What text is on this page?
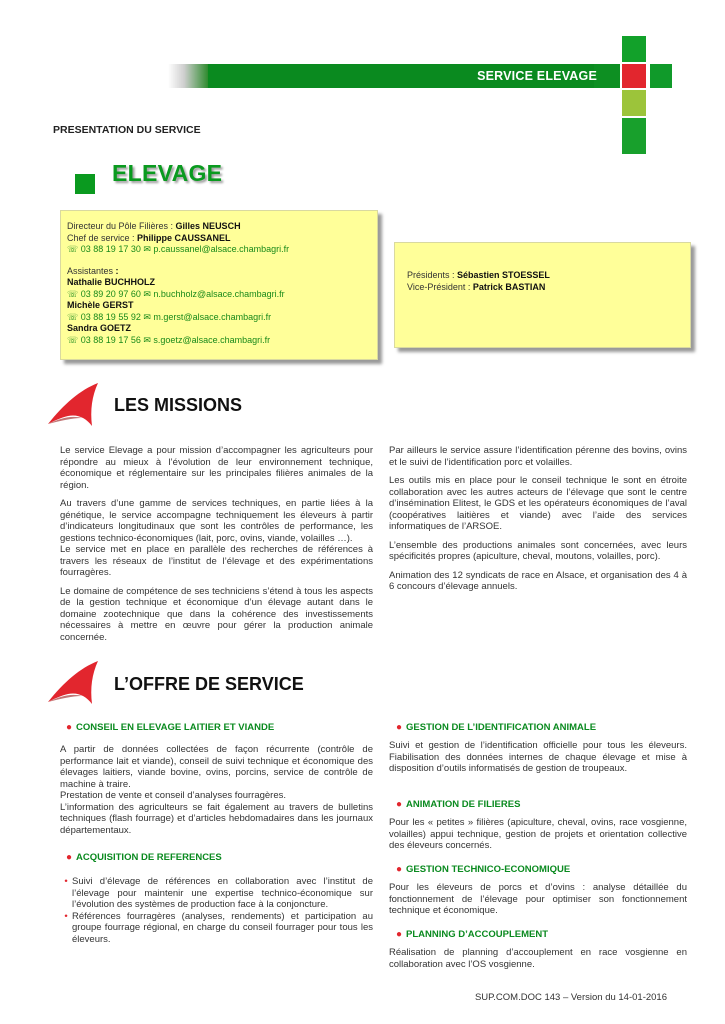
SERVICE ELEVAGE
PRESENTATION DU SERVICE
ELEVAGE
Directeur du Pôle Filières : Gilles NEUSCH
Chef de service : Philippe CAUSSANEL
☏ 03 88 19 17 30 ✉ p.caussanel@alsace.chambagri.fr
Assistantes :
Nathalie BUCHHOLZ
☏ 03 89 20 97 60 ✉ n.buchholz@alsace.chambagri.fr
Michèle GERST
☏ 03 88 19 55 92 ✉ m.gerst@alsace.chambagri.fr
Sandra GOETZ
☏ 03 88 19 17 56 ✉ s.goetz@alsace.chambagri.fr
Présidents : Sébastien STOESSEL
Vice-Président : Patrick BASTIAN
LES MISSIONS

Le service Elevage a pour mission d’accompagner les agriculteurs pour répondre au mieux à l’évolution de leur environnement technique, économique et réglementaire sur les principales filières animales de la région.

Au travers d’une gamme de services techniques, en partie liées à la génétique, le service accompagne techniquement les éleveurs à partir d’indicateurs longitudinaux que sont les contrôles de performance, les gestions technico-économiques (lait, porc, ovins, viande, volailles …).

Le service met en place en parallèle des recherches de références à travers les réseaux de l’institut de l’élevage et des expérimentations fourragères.

Le domaine de compétence de ses techniciens s’étend à tous les aspects de la gestion technique et économique d’un élevage autant dans le domaine zootechnique que dans la cohérence des investissements nécessaires à mettre en œuvre pour gérer la production animale concernée.

Par ailleurs le service assure l’identification pérenne des bovins, ovins et le suivi de l’identification porc et volailles.

Les outils mis en place pour le conseil technique le sont en étroite collaboration avec les autres acteurs de l’élevage que sont le centre d’insémination Elitest, le GDS et les opérateurs économiques de l’aval (coopératives laitières et viande) avec l’aide des services informatiques de l’ARSOE.

L’ensemble des productions animales sont concernées, avec leurs spécificités propres (apiculture, cheval, moutons, volailles, porc).

Animation des 12 syndicats de race en Alsace, et organisation des 4 à 6 concours d’élevage annuels.

L’OFFRE DE SERVICE
● CONSEIL EN ELEVAGE LAITIER ET VIANDE
A partir de données collectées de façon récurrente (contrôle de performance lait et viande), conseil de suivi technique et économique des élevages laitiers, viande bovine, ovins, porcins, service de contrôle de machine à traire.
Prestation de vente et conseil d’analyses fourragères.
L’information des agriculteurs se fait également au travers de bulletins techniques (flash fourrage) et d’articles hebdomadaires dans les journaux départementaux.
● ACQUISITION DE REFERENCES
• Suivi d’élevage de références en collaboration avec l’institut de l’élevage pour maintenir une expertise technico-économique sur l’évolution des systèmes de production face à la conjoncture.
• Références fourragères (analyses, rendements) et participation au groupe fourrage régional, en charge du conseil fourrager pour tous les éleveurs.
● GESTION DE L’IDENTIFICATION ANIMALE
Suivi et gestion de l’identification officielle pour tous les éleveurs. Fiabilisation des données internes de chaque élevage et mise à disposition d’outils informatisés de gestion de troupeaux.
● ANIMATION DE FILIERES
Pour les « petites » filières (apiculture, cheval, ovins, race vosgienne, volailles) appui technique, gestion de projets et orientation collective des éleveurs concernés.
● GESTION TECHNICO-ECONOMIQUE
Pour les éleveurs de porcs et d’ovins : analyse détaillée du fonctionnement de l’élevage pour optimiser son fonctionnement technique et économique.
● PLANNING D’ACCOUPLEMENT
Réalisation de planning d’accouplement en race vosgienne en collaboration avec l’OS vosgienne.
SUP.COM.DOC 143 – Version du 14-01-2016
